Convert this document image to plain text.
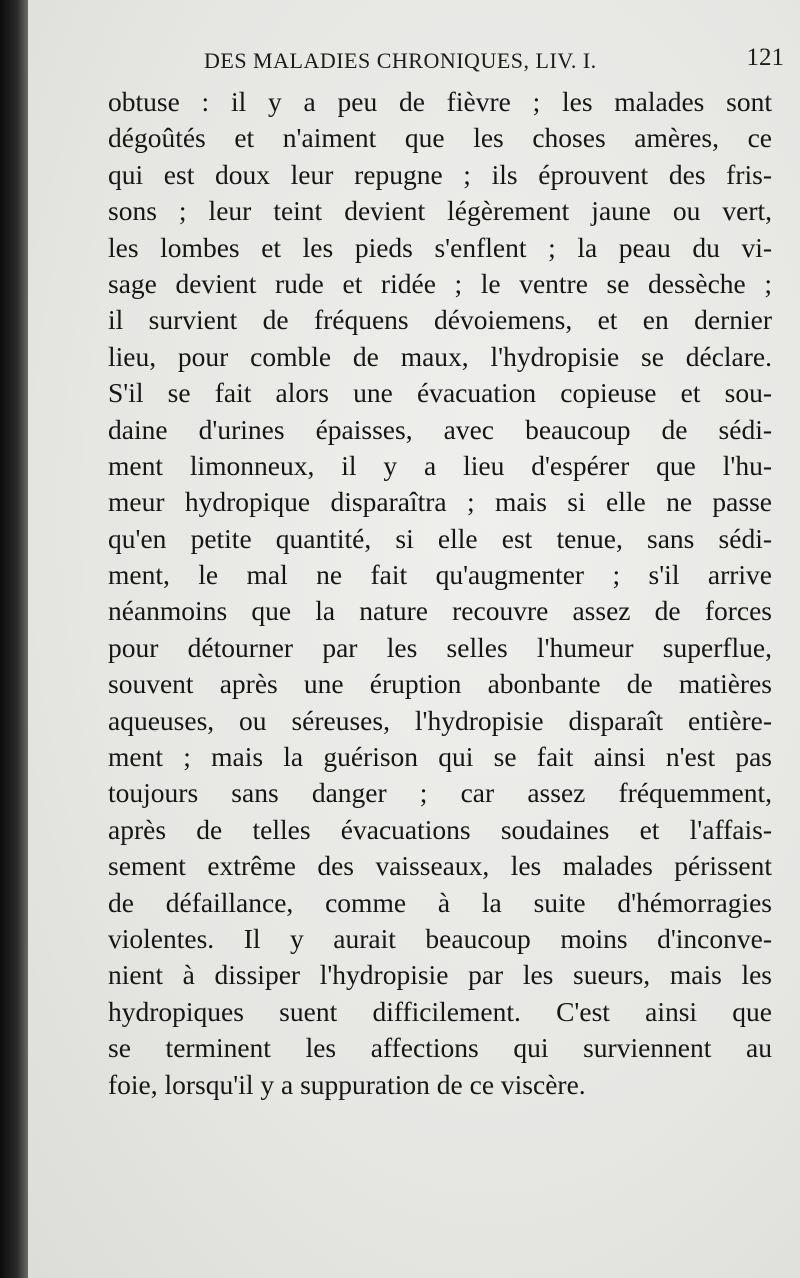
DES MALADIES CHRONIQUES, LIV. I.	121
obtuse : il y a peu de fièvre ; les malades sont
dégoûtés et n'aiment que les choses amères, ce
qui est doux leur repugne ; ils éprouvent des fris-
sons ; leur teint devient légèrement jaune ou vert,
les lombes et les pieds s'enflent ; la peau du vi-
sage devient rude et ridée ; le ventre se dessèche ;
il survient de fréquens dévoiemens, et en dernier
lieu, pour comble de maux, l'hydropisie se déclare.
S'il se fait alors une évacuation copieuse et sou-
daine d'urines épaisses, avec beaucoup de sédi-
ment limonneux, il y a lieu d'espérer que l'hu-
meur hydropique disparaîtra ; mais si elle ne passe
qu'en petite quantité, si elle est tenue, sans sédi-
ment, le mal ne fait qu'augmenter ; s'il arrive
néanmoins que la nature recouvre assez de forces
pour détourner par les selles l'humeur superflue,
souvent après une éruption abonbante de matières
aqueuses, ou séreuses, l'hydropisie disparaît entière-
ment ; mais la guérison qui se fait ainsi n'est pas
toujours sans danger ; car assez fréquemment,
après de telles évacuations soudaines et l'affais-
sement extrême des vaisseaux, les malades périssent
de défaillance, comme à la suite d'hémorragies
violentes. Il y aurait beaucoup moins d'inconve-
nient à dissiper l'hydropisie par les sueurs, mais les
hydropiques suent difficilement. C'est ainsi que
se terminent les affections qui surviennent au
foie, lorsqu'il y a suppuration de ce viscère.
